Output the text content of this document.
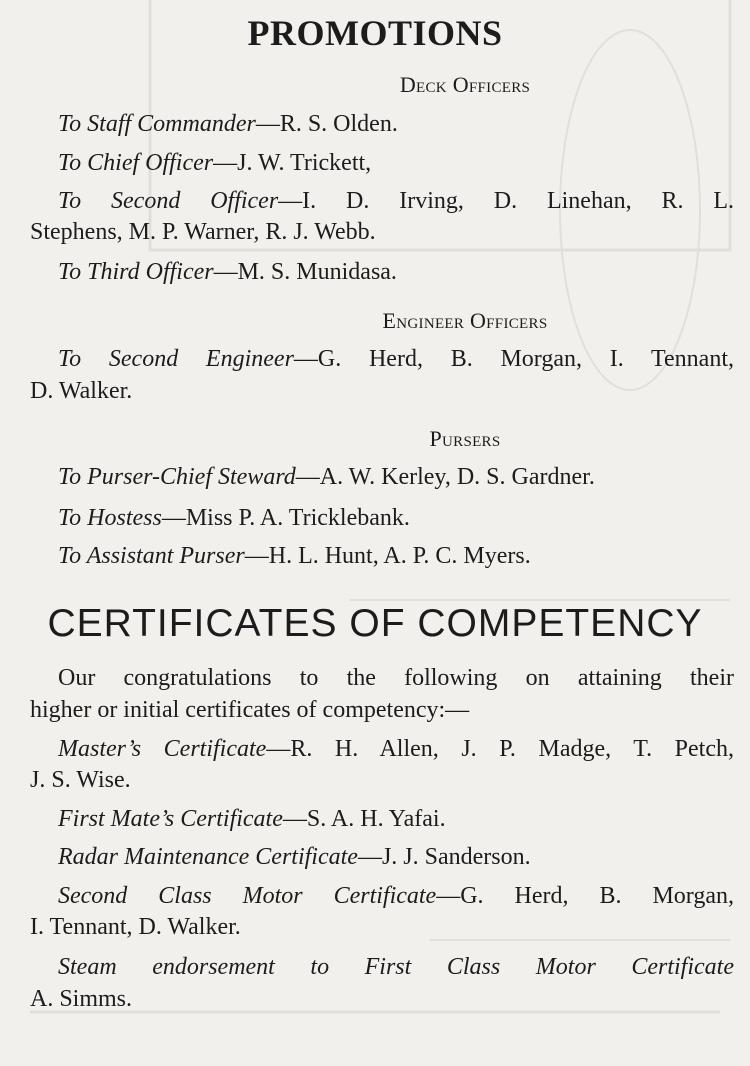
PROMOTIONS
Deck Officers
To Staff Commander—R. S. Olden.
To Chief Officer—J. W. Trickett,
To Second Officer—I. D. Irving, D. Linehan, R. L.
Stephens, M. P. Warner, R. J. Webb.
To Third Officer—M. S. Munidasa.
Engineer Officers
To Second Engineer—G. Herd, B. Morgan, I. Tennant,
D. Walker.
Pursers
To Purser-Chief Steward—A. W. Kerley, D. S. Gardner.
To Hostess—Miss P. A. Tricklebank.
To Assistant Purser—H. L. Hunt, A. P. C. Myers.
CERTIFICATES OF COMPETENCY
Our congratulations to the following on attaining their
higher or initial certificates of competency:—
Master’s Certificate—R. H. Allen, J. P. Madge, T. Petch,
J. S. Wise.
First Mate’s Certificate—S. A. H. Yafai.
Radar Maintenance Certificate—J. J. Sanderson.
Second Class Motor Certificate—G. Herd, B. Morgan,
I. Tennant, D. Walker.
Steam endorsement to First Class Motor Certificate
A. Simms.
